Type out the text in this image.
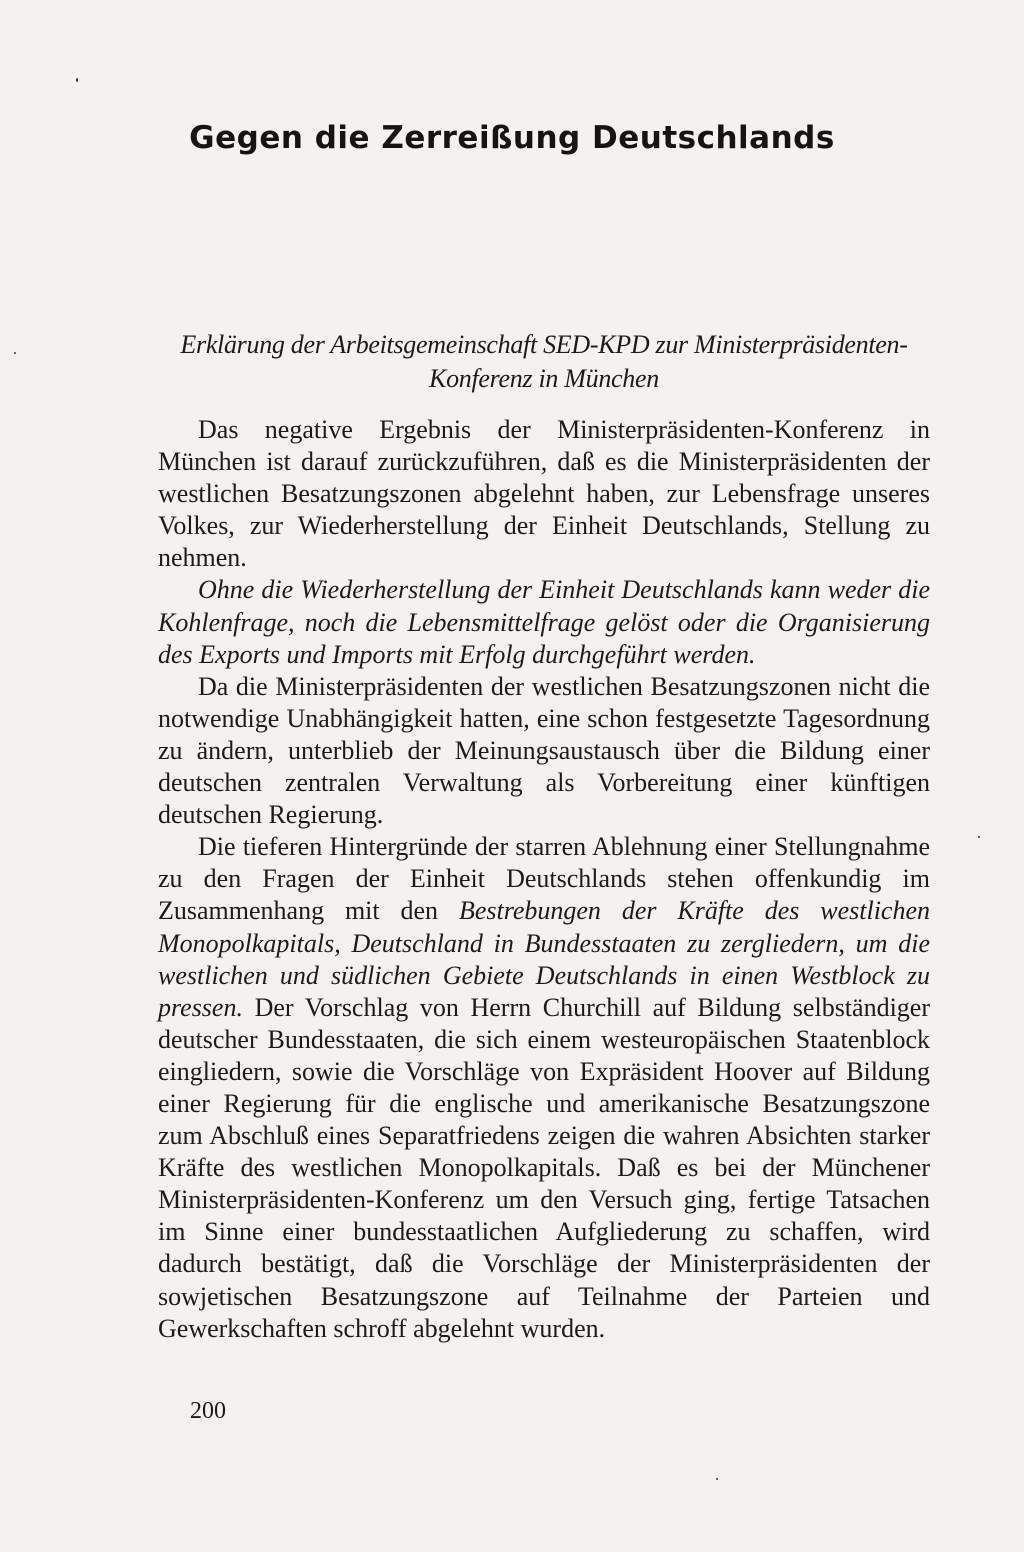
Gegen die Zerreißung Deutschlands

Erklärung der Arbeitsgemeinschaft SED-KPD zur Ministerpräsidenten-Konferenz in München

Das negative Ergebnis der Ministerpräsidenten-Konferenz in München ist darauf zurückzuführen, daß es die Ministerpräsidenten der westlichen Besatzungszonen abgelehnt haben, zur Lebensfrage unseres Volkes, zur Wiederherstellung der Einheit Deutschlands, Stellung zu nehmen.

Ohne die Wiederherstellung der Einheit Deutschlands kann weder die Kohlenfrage, noch die Lebensmittelfrage gelöst oder die Organisierung des Exports und Imports mit Erfolg durchgeführt werden.

Da die Ministerpräsidenten der westlichen Besatzungszonen nicht die notwendige Unabhängigkeit hatten, eine schon festgesetzte Tagesordnung zu ändern, unterblieb der Meinungsaustausch über die Bildung einer deutschen zentralen Verwaltung als Vorbereitung einer künftigen deutschen Regierung.

Die tieferen Hintergründe der starren Ablehnung einer Stellungnahme zu den Fragen der Einheit Deutschlands stehen offenkundig im Zusammenhang mit den Bestrebungen der Kräfte des westlichen Monopolkapitals, Deutschland in Bundesstaaten zu zergliedern, um die westlichen und südlichen Gebiete Deutschlands in einen Westblock zu pressen. Der Vorschlag von Herrn Churchill auf Bildung selbständiger deutscher Bundesstaaten, die sich einem westeuropäischen Staatenblock eingliedern, sowie die Vorschläge von Expräsident Hoover auf Bildung einer Regierung für die englische und amerikanische Besatzungszone zum Abschluß eines Separatfriedens zeigen die wahren Absichten starker Kräfte des westlichen Monopolkapitals. Daß es bei der Münchener Ministerpräsidenten-Konferenz um den Versuch ging, fertige Tatsachen im Sinne einer bundesstaatlichen Aufgliederung zu schaffen, wird dadurch bestätigt, daß die Vorschläge der Ministerpräsidenten der sowjetischen Besatzungszone auf Teilnahme der Parteien und Gewerkschaften schroff abgelehnt wurden.

200
